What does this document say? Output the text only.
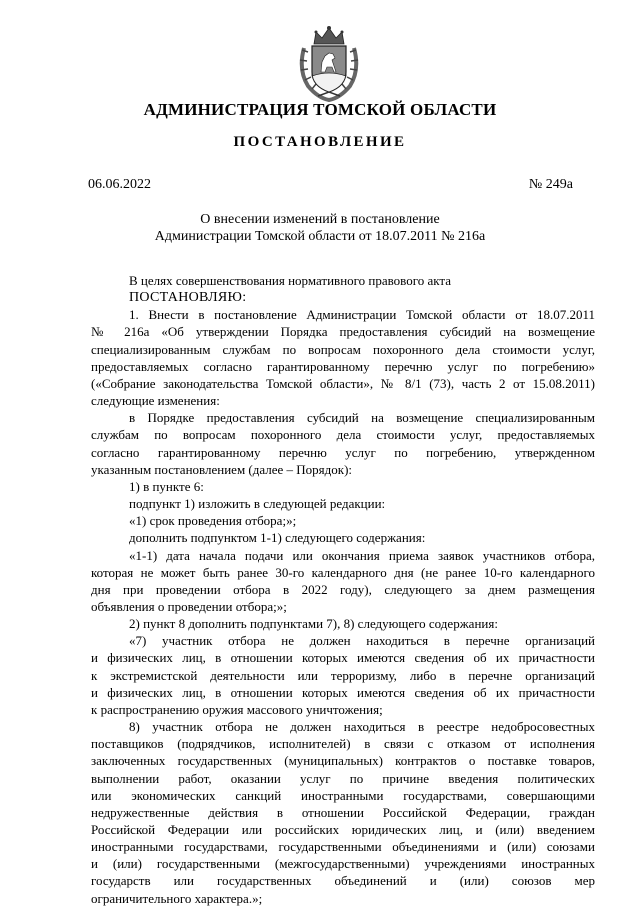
АДМИНИСТРАЦИЯ ТОМСКОЙ ОБЛАСТИ
ПОСТАНОВЛЕНИЕ
06.06.2022	№ 249а
О внесении изменений в постановление
Администрации Томской области от 18.07.2011 № 216а

В целях совершенствования нормативного правового акта

ПОСТАНОВЛЯЮ:

1. Внести в постановление Администрации Томской области от 18.07.2011

№ 216а «Об утверждении Порядка предоставления субсидий на возмещение

специализированным службам по вопросам похоронного дела стоимости услуг,

предоставляемых согласно гарантированному перечню услуг по погребению»

(«Собрание законодательства Томской области», № 8/1 (73), часть 2 от 15.08.2011)

следующие изменения:

в Порядке предоставления субсидий на возмещение специализированным

службам по вопросам похоронного дела стоимости услуг, предоставляемых

согласно гарантированному перечню услуг по погребению, утвержденном

указанным постановлением (далее – Порядок):

1) в пункте 6:

подпункт 1) изложить в следующей редакции:

«1) срок проведения отбора;»;

дополнить подпунктом 1-1) следующего содержания:

«1-1) дата начала подачи или окончания приема заявок участников отбора,

которая не может быть ранее 30-го календарного дня (не ранее 10-го календарного

дня при проведении отбора в 2022 году), следующего за днем размещения

объявления о проведении отбора;»;

2) пункт 8 дополнить подпунктами 7), 8) следующего содержания:

«7) участник отбора не должен находиться в перечне организаций

и физических лиц, в отношении которых имеются сведения об их причастности

к экстремистской деятельности или терроризму, либо в перечне организаций

и физических лиц, в отношении которых имеются сведения об их причастности

к распространению оружия массового уничтожения;

8) участник отбора не должен находиться в реестре недобросовестных

поставщиков (подрядчиков, исполнителей) в связи с отказом от исполнения

заключенных государственных (муниципальных) контрактов о поставке товаров,

выполнении работ, оказании услуг по причине введения политических

или экономических санкций иностранными государствами, совершающими

недружественные действия в отношении Российской Федерации, граждан

Российской Федерации или российских юридических лиц, и (или) введением

иностранными государствами, государственными объединениями и (или) союзами

и (или) государственными (межгосударственными) учреждениями иностранных

государств или государственных объединений и (или) союзов мер

ограничительного характера.»;
